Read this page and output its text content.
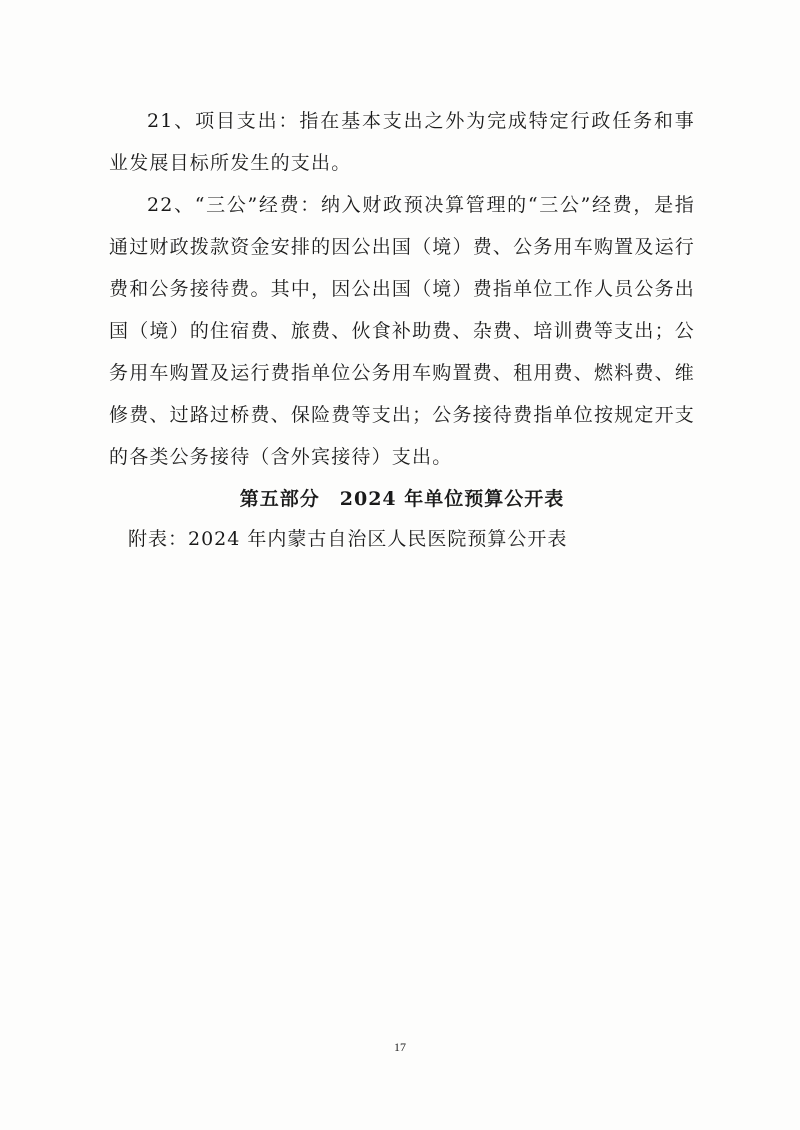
21、项目支出：指在基本支出之外为完成特定行政任务和事业发展目标所发生的支出。

22、“三公”经费：纳入财政预决算管理的“三公”经费，是指通过财政拨款资金安排的因公出国（境）费、公务用车购置及运行费和公务接待费。其中，因公出国（境）费指单位工作人员公务出国（境）的住宿费、旅费、伙食补助费、杂费、培训费等支出；公务用车购置及运行费指单位公务用车购置费、租用费、燃料费、维修费、过路过桥费、保险费等支出；公务接待费指单位按规定开支的各类公务接待（含外宾接待）支出。

第五部分　2024 年单位预算公开表

附表：2024 年内蒙古自治区人民医院预算公开表

17
